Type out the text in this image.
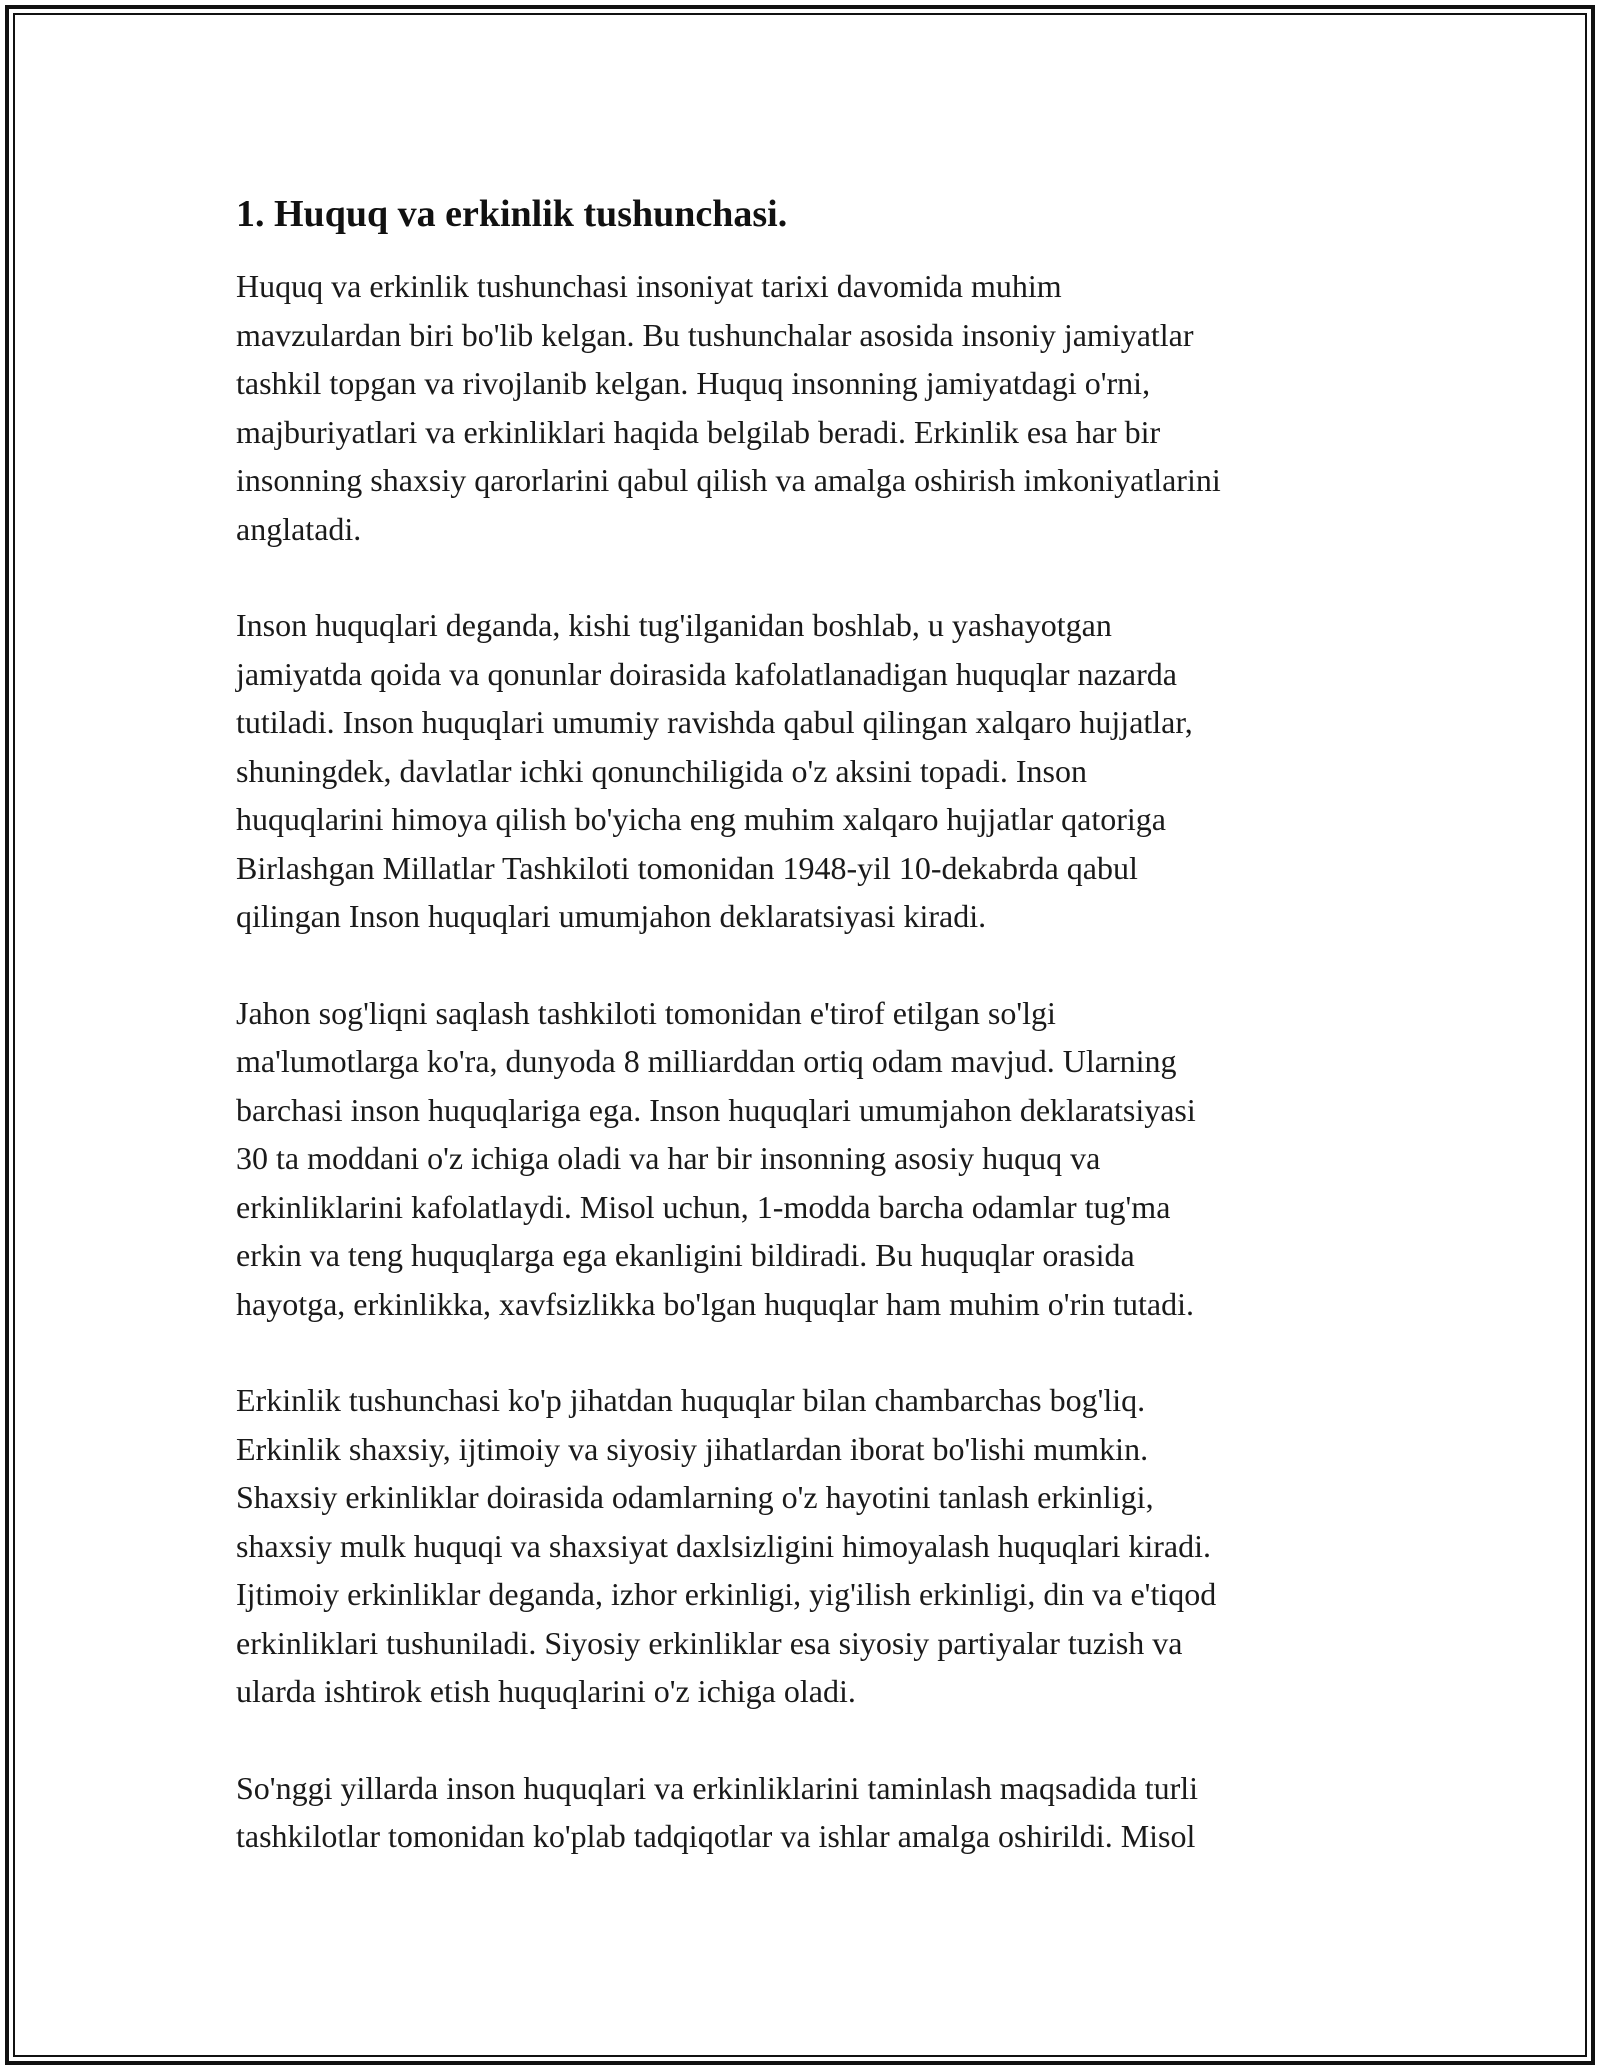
1. Huquq va erkinlik tushunchasi.

Huquq va erkinlik tushunchasi insoniyat tarixi davomida muhim
mavzulardan biri bo'lib kelgan. Bu tushunchalar asosida insoniy jamiyatlar
tashkil topgan va rivojlanib kelgan. Huquq insonning jamiyatdagi o'rni,
majburiyatlari va erkinliklari haqida belgilab beradi. Erkinlik esa har bir
insonning shaxsiy qarorlarini qabul qilish va amalga oshirish imkoniyatlarini
anglatadi.

Inson huquqlari deganda, kishi tug'ilganidan boshlab, u yashayotgan
jamiyatda qoida va qonunlar doirasida kafolatlanadigan huquqlar nazarda
tutiladi. Inson huquqlari umumiy ravishda qabul qilingan xalqaro hujjatlar,
shuningdek, davlatlar ichki qonunchiligida o'z aksini topadi. Inson
huquqlarini himoya qilish bo'yicha eng muhim xalqaro hujjatlar qatoriga
Birlashgan Millatlar Tashkiloti tomonidan 1948-yil 10-dekabrda qabul
qilingan Inson huquqlari umumjahon deklaratsiyasi kiradi.

Jahon sog'liqni saqlash tashkiloti tomonidan e'tirof etilgan so'lgi
ma'lumotlarga ko'ra, dunyoda 8 milliarddan ortiq odam mavjud. Ularning
barchasi inson huquqlariga ega. Inson huquqlari umumjahon deklaratsiyasi
30 ta moddani o'z ichiga oladi va har bir insonning asosiy huquq va
erkinliklarini kafolatlaydi. Misol uchun, 1-modda barcha odamlar tug'ma
erkin va teng huquqlarga ega ekanligini bildiradi. Bu huquqlar orasida
hayotga, erkinlikka, xavfsizlikka bo'lgan huquqlar ham muhim o'rin tutadi.

Erkinlik tushunchasi ko'p jihatdan huquqlar bilan chambarchas bog'liq.
Erkinlik shaxsiy, ijtimoiy va siyosiy jihatlardan iborat bo'lishi mumkin.
Shaxsiy erkinliklar doirasida odamlarning o'z hayotini tanlash erkinligi,
shaxsiy mulk huquqi va shaxsiyat daxlsizligini himoyalash huquqlari kiradi.
Ijtimoiy erkinliklar deganda, izhor erkinligi, yig'ilish erkinligi, din va e'tiqod
erkinliklari tushuniladi. Siyosiy erkinliklar esa siyosiy partiyalar tuzish va
ularda ishtirok etish huquqlarini o'z ichiga oladi.

So'nggi yillarda inson huquqlari va erkinliklarini taminlash maqsadida turli
tashkilotlar tomonidan ko'plab tadqiqotlar va ishlar amalga oshirildi. Misol
